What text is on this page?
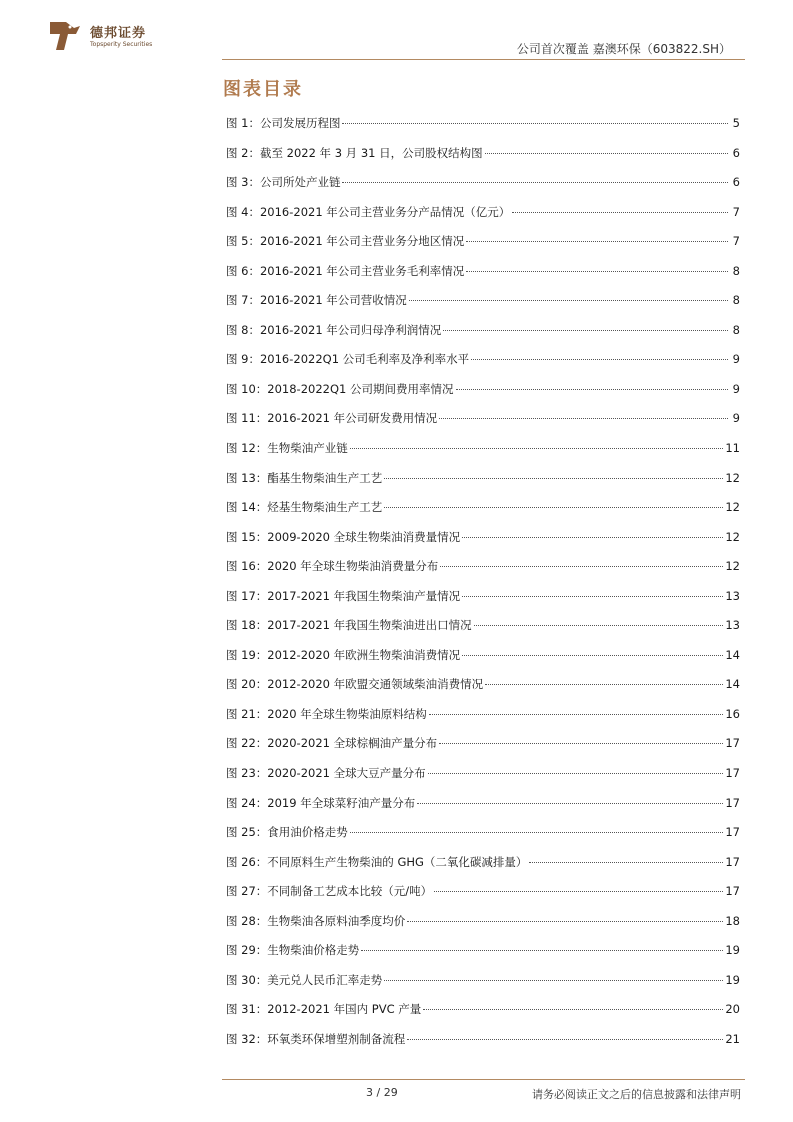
德邦证券
Topsperity Securities	公司首次覆盖 嘉澳环保（603822.SH）
图表目录
图 1：公司发展历程图	5
图 2：截至 2022 年 3 月 31 日，公司股权结构图	6
图 3：公司所处产业链	6
图 4：2016-2021 年公司主营业务分产品情况（亿元）	7
图 5：2016-2021 年公司主营业务分地区情况	7
图 6：2016-2021 年公司主营业务毛利率情况	8
图 7：2016-2021 年公司营收情况	8
图 8：2016-2021 年公司归母净利润情况	8
图 9：2016-2022Q1 公司毛利率及净利率水平	9
图 10：2018-2022Q1 公司期间费用率情况	9
图 11：2016-2021 年公司研发费用情况	9
图 12：生物柴油产业链	11
图 13：酯基生物柴油生产工艺	12
图 14：烃基生物柴油生产工艺	12
图 15：2009-2020 全球生物柴油消费量情况	12
图 16：2020 年全球生物柴油消费量分布	12
图 17：2017-2021 年我国生物柴油产量情况	13
图 18：2017-2021 年我国生物柴油进出口情况	13
图 19：2012-2020 年欧洲生物柴油消费情况	14
图 20：2012-2020 年欧盟交通领域柴油消费情况	14
图 21：2020 年全球生物柴油原料结构	16
图 22：2020-2021 全球棕榈油产量分布	17
图 23：2020-2021 全球大豆产量分布	17
图 24：2019 年全球菜籽油产量分布	17
图 25：食用油价格走势	17
图 26：不同原料生产生物柴油的 GHG（二氧化碳减排量）	17
图 27：不同制备工艺成本比较（元/吨）	17
图 28：生物柴油各原料油季度均价	18
图 29：生物柴油价格走势	19
图 30：美元兑人民币汇率走势	19
图 31：2012-2021 年国内 PVC 产量	20
图 32：环氧类环保增塑剂制备流程	21
3 / 29	请务必阅读正文之后的信息披露和法律声明
